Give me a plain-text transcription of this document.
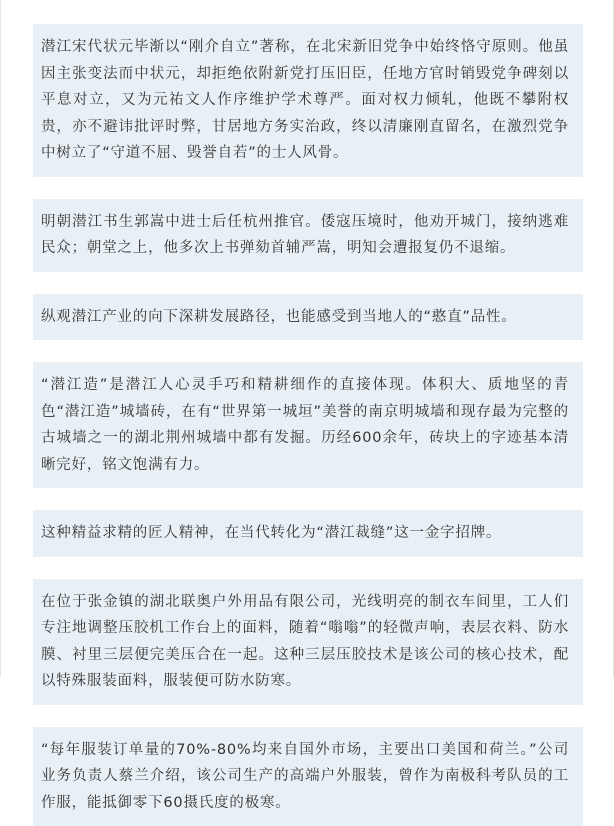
潜江宋代状元毕渐以“刚介自立”著称，在北宋新旧党争中始终恪守原则。他虽因主张变法而中状元，却拒绝依附新党打压旧臣，任地方官时销毁党争碑刻以平息对立，又为元祐文人作序维护学术尊严。面对权力倾轧，他既不攀附权贵，亦不避讳批评时弊，甘居地方务实治政，终以清廉刚直留名，在激烈党争中树立了“守道不屈、毁誉自若”的士人风骨。

明朝潜江书生郭嵩中进士后任杭州推官。倭寇压境时，他劝开城门，接纳逃难民众；朝堂之上，他多次上书弹劾首辅严嵩，明知会遭报复仍不退缩。

纵观潜江产业的向下深耕发展路径，也能感受到当地人的“憨直”品性。

“潜江造”是潜江人心灵手巧和精耕细作的直接体现。体积大、质地坚的青色“潜江造”城墙砖，在有“世界第一城垣”美誉的南京明城墙和现存最为完整的古城墙之一的湖北荆州城墙中都有发掘。历经600余年，砖块上的字迹基本清晰完好，铭文饱满有力。

这种精益求精的匠人精神，在当代转化为“潜江裁缝”这一金字招牌。

在位于张金镇的湖北联奥户外用品有限公司，光线明亮的制衣车间里，工人们专注地调整压胶机工作台上的面料，随着“嗡嗡”的轻微声响，表层衣料、防水膜、衬里三层便完美压合在一起。这种三层压胶技术是该公司的核心技术，配以特殊服装面料，服装便可防水防寒。

“每年服装订单量的70%-80%均来自国外市场，主要出口美国和荷兰。”公司业务负责人蔡兰介绍，该公司生产的高端户外服装，曾作为南极科考队员的工作服，能抵御零下60摄氏度的极寒。
